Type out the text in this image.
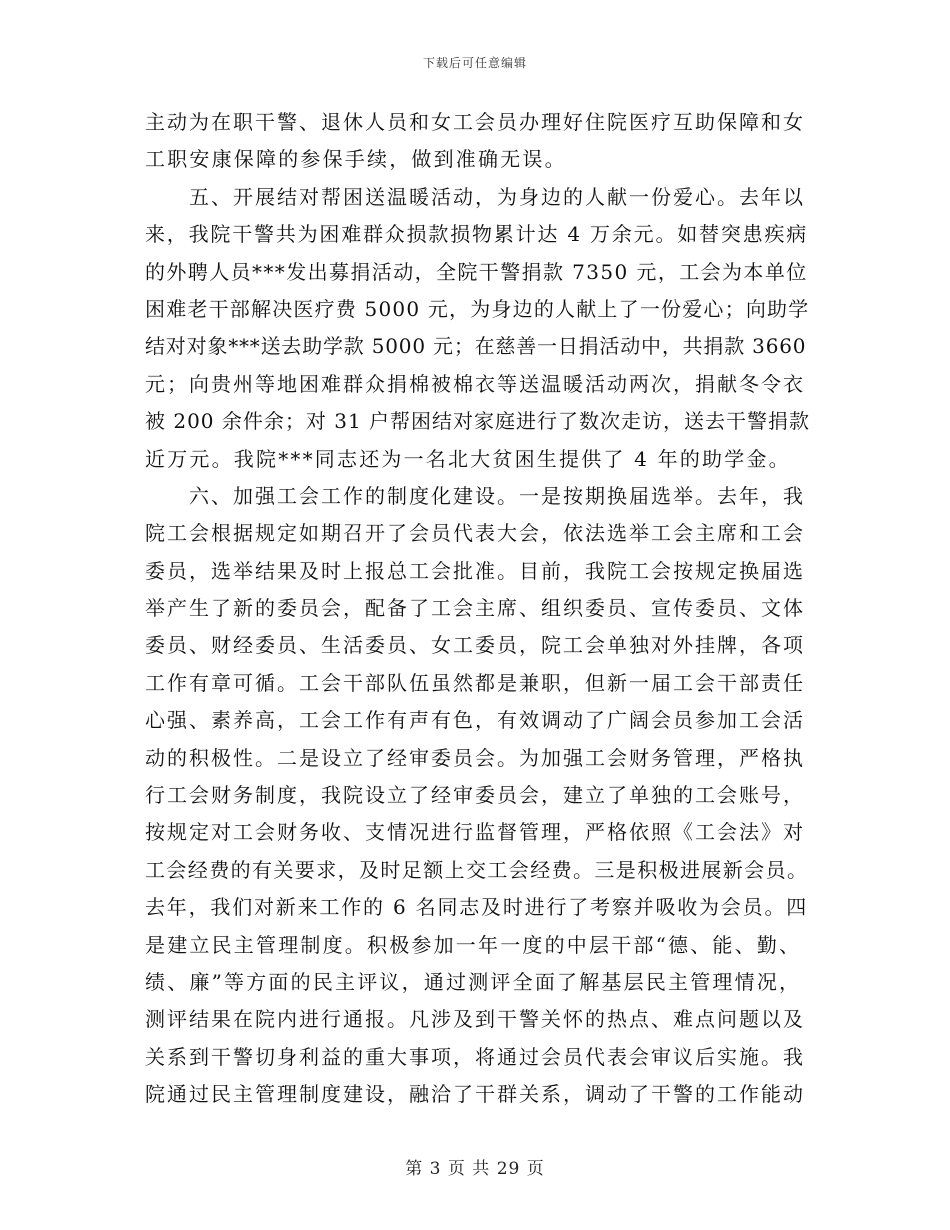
下载后可任意编辑
主动为在职干警、退休人员和女工会员办理好住院医疗互助保障和女
工职安康保障的参保手续，做到准确无误。
　　五、开展结对帮困送温暖活动，为身边的人献一份爱心。去年以
来，我院干警共为困难群众损款损物累计达 4 万余元。如替突患疾病
的外聘人员***发出募捐活动，全院干警捐款 7350 元，工会为本单位
困难老干部解决医疗费 5000 元，为身边的人献上了一份爱心；向助学
结对对象***送去助学款 5000 元；在慈善一日捐活动中，共捐款 3660
元；向贵州等地困难群众捐棉被棉衣等送温暖活动两次，捐献冬令衣
被 200 余件余；对 31 户帮困结对家庭进行了数次走访，送去干警捐款
近万元。我院***同志还为一名北大贫困生提供了 4 年的助学金。
　　六、加强工会工作的制度化建设。一是按期换届选举。去年，我
院工会根据规定如期召开了会员代表大会，依法选举工会主席和工会
委员，选举结果及时上报总工会批准。目前，我院工会按规定换届选
举产生了新的委员会，配备了工会主席、组织委员、宣传委员、文体
委员、财经委员、生活委员、女工委员，院工会单独对外挂牌，各项
工作有章可循。工会干部队伍虽然都是兼职，但新一届工会干部责任
心强、素养高，工会工作有声有色，有效调动了广阔会员参加工会活
动的积极性。二是设立了经审委员会。为加强工会财务管理，严格执
行工会财务制度，我院设立了经审委员会，建立了单独的工会账号，
按规定对工会财务收、支情况进行监督管理，严格依照《工会法》对
工会经费的有关要求，及时足额上交工会经费。三是积极进展新会员。
去年，我们对新来工作的 6 名同志及时进行了考察并吸收为会员。四
是建立民主管理制度。积极参加一年一度的中层干部“德、能、勤、
绩、廉”等方面的民主评议，通过测评全面了解基层民主管理情况，
测评结果在院内进行通报。凡涉及到干警关怀的热点、难点问题以及
关系到干警切身利益的重大事项，将通过会员代表会审议后实施。我
院通过民主管理制度建设，融洽了干群关系，调动了干警的工作能动
第 3 页 共 29 页
